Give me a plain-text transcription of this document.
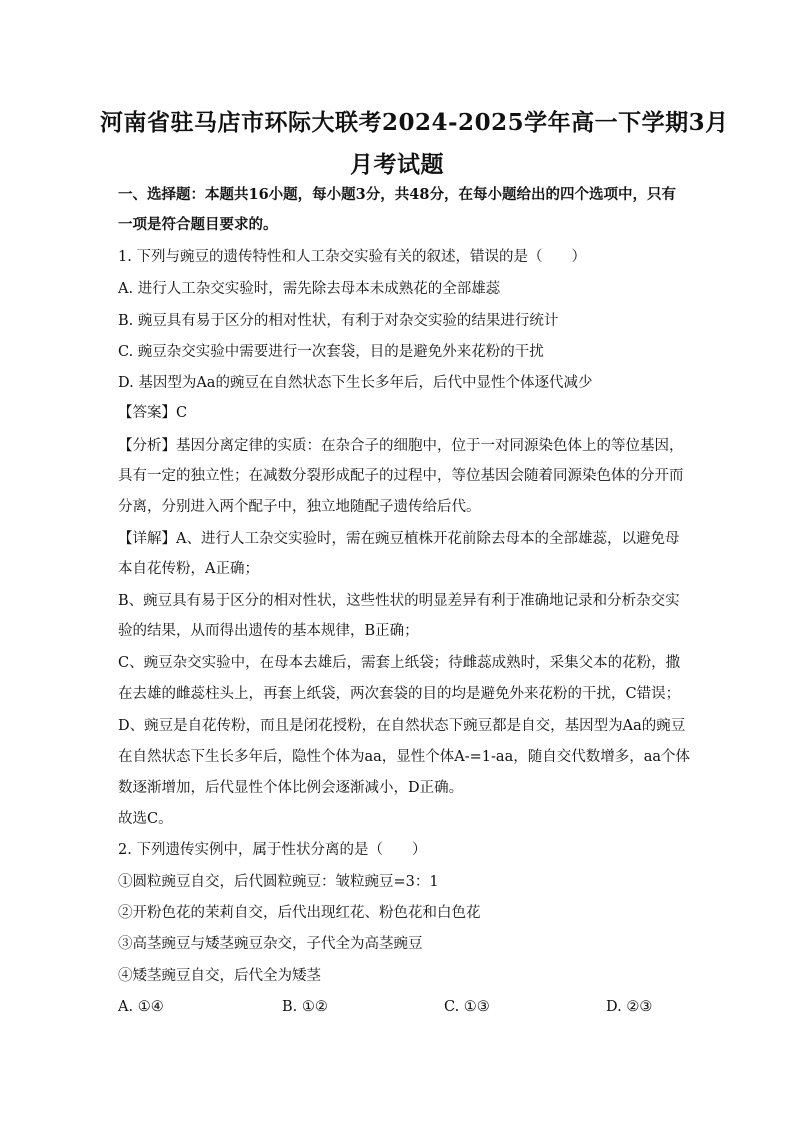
河南省驻马店市环际大联考2024-2025学年高一下学期3月
月考试题
一、选择题：本题共16小题，每小题3分，共48分，在每小题给出的四个选项中，只有
一项是符合题目要求的。
1. 下列与豌豆的遗传特性和人工杂交实验有关的叙述，错误的是（　　）
A. 进行人工杂交实验时，需先除去母本未成熟花的全部雄蕊
B. 豌豆具有易于区分的相对性状，有利于对杂交实验的结果进行统计
C. 豌豆杂交实验中需要进行一次套袋，目的是避免外来花粉的干扰
D. 基因型为Aa的豌豆在自然状态下生长多年后，后代中显性个体逐代减少
【答案】C
【分析】基因分离定律的实质：在杂合子的细胞中，位于一对同源染色体上的等位基因，
具有一定的独立性；在减数分裂形成配子的过程中，等位基因会随着同源染色体的分开而
分离，分别进入两个配子中，独立地随配子遗传给后代。
【详解】A、进行人工杂交实验时，需在豌豆植株开花前除去母本的全部雄蕊，以避免母
本自花传粉，A正确；
B、豌豆具有易于区分的相对性状，这些性状的明显差异有利于准确地记录和分析杂交实
验的结果，从而得出遗传的基本规律，B正确；
C、豌豆杂交实验中，在母本去雄后，需套上纸袋；待雌蕊成熟时，采集父本的花粉，撒
在去雄的雌蕊柱头上，再套上纸袋，两次套袋的目的均是避免外来花粉的干扰，C错误；
D、豌豆是自花传粉，而且是闭花授粉，在自然状态下豌豆都是自交，基因型为Aa的豌豆
在自然状态下生长多年后，隐性个体为aa，显性个体A-=1-aa，随自交代数增多，aa个体
数逐渐增加，后代显性个体比例会逐渐减小，D正确。
故选C。
2. 下列遗传实例中，属于性状分离的是（　　）
①圆粒豌豆自交，后代圆粒豌豆：皱粒豌豆=3：1
②开粉色花的茉莉自交，后代出现红花、粉色花和白色花
③高茎豌豆与矮茎豌豆杂交，子代全为高茎豌豆
④矮茎豌豆自交，后代全为矮茎
A. ①④	B. ①②	C. ①③	D. ②③
